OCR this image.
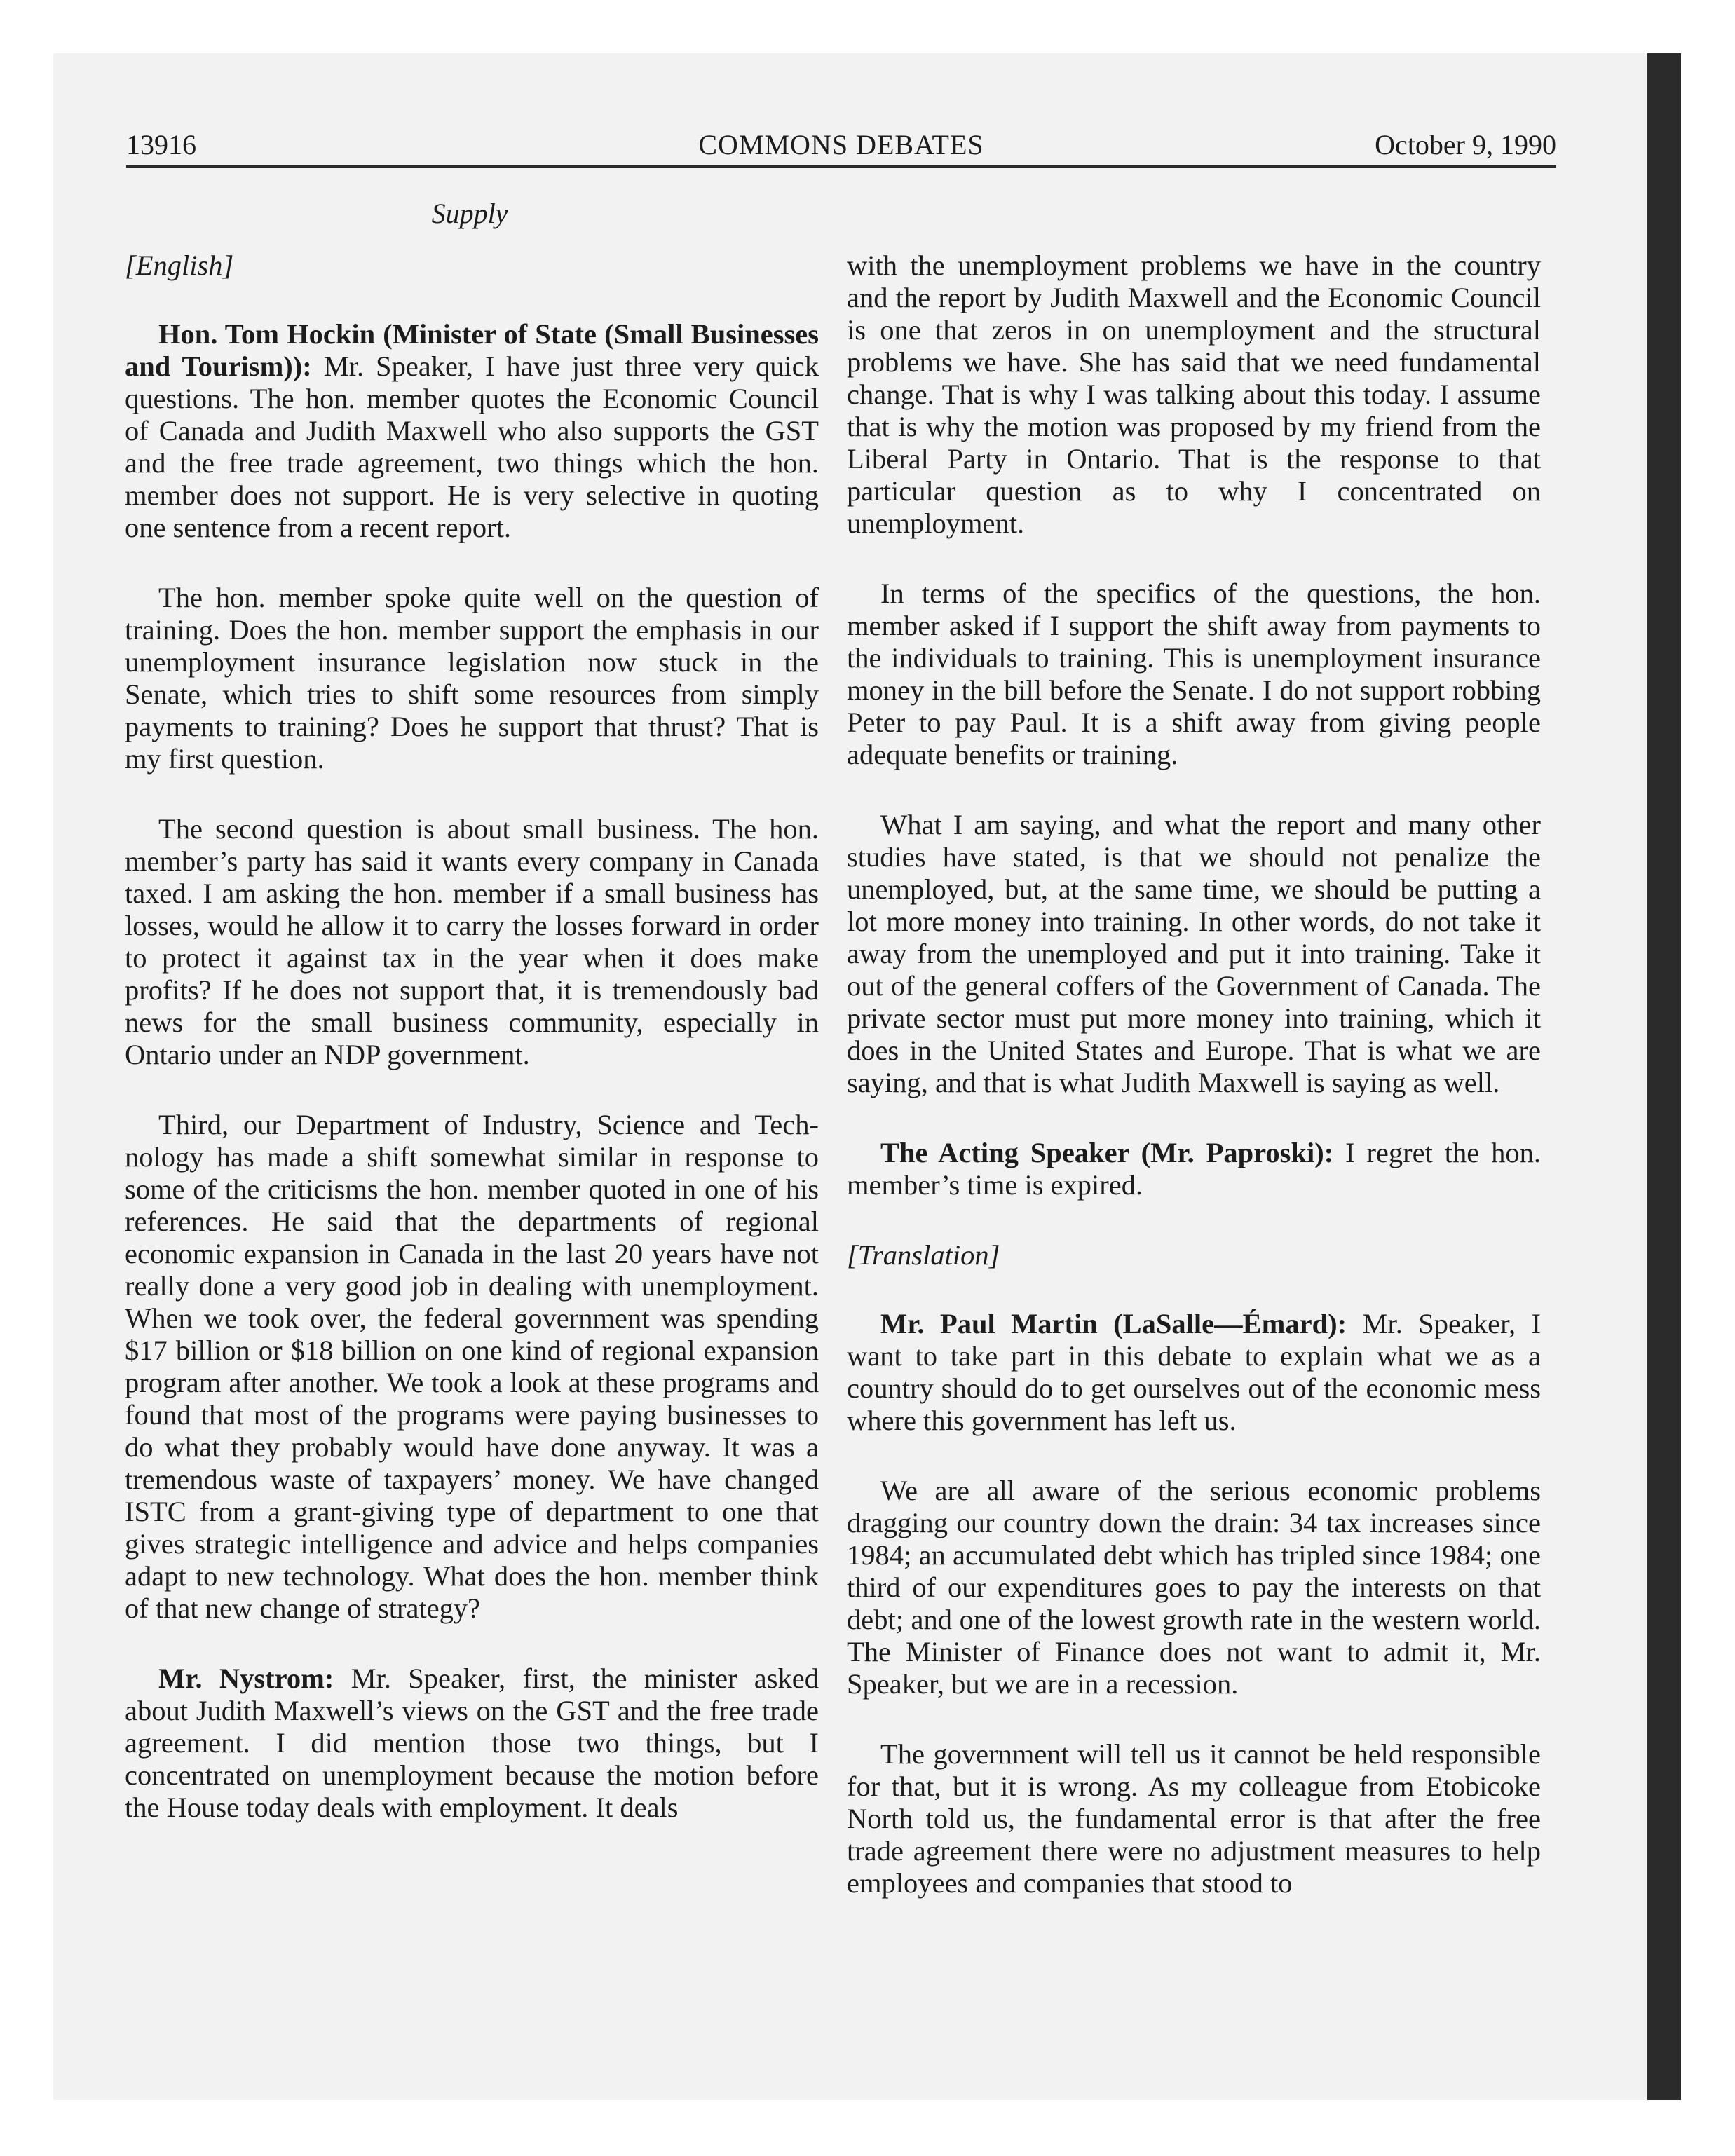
13916	COMMONS DEBATES	October 9, 1990
Supply

[English]

Hon. Tom Hockin (Minister of State (Small Businesses and Tourism)): Mr. Speaker, I have just three very quick questions. The hon. member quotes the Economic Council of Canada and Judith Maxwell who also supports the GST and the free trade agreement, two things which the hon. member does not support. He is very selective in quoting one sentence from a recent report.

The hon. member spoke quite well on the question of training. Does the hon. member support the emphasis in our unemployment insurance legislation now stuck in the Senate, which tries to shift some resources from simply payments to training? Does he support that thrust? That is my first question.

The second question is about small business. The hon. member’s party has said it wants every company in Canada taxed. I am asking the hon. member if a small business has losses, would he allow it to carry the losses forward in order to protect it against tax in the year when it does make profits? If he does not support that, it is tremendously bad news for the small business community, especially in Ontario under an NDP government.

Third, our Department of Industry, Science and Technology has made a shift somewhat similar in response to some of the criticisms the hon. member quoted in one of his references. He said that the departments of regional economic expansion in Canada in the last 20 years have not really done a very good job in dealing with unemployment. When we took over, the federal government was spending $17 billion or $18 billion on one kind of regional expansion program after another. We took a look at these programs and found that most of the programs were paying businesses to do what they probably would have done anyway. It was a tremendous waste of taxpayers’ money. We have changed ISTC from a grant-giving type of department to one that gives strategic intelligence and advice and helps companies adapt to new technology. What does the hon. member think of that new change of strategy?

Mr. Nystrom: Mr. Speaker, first, the minister asked about Judith Maxwell’s views on the GST and the free trade agreement. I did mention those two things, but I concentrated on unemployment because the motion before the House today deals with employment. It deals

with the unemployment problems we have in the country and the report by Judith Maxwell and the Economic Council is one that zeros in on unemployment and the structural problems we have. She has said that we need fundamental change. That is why I was talking about this today. I assume that is why the motion was proposed by my friend from the Liberal Party in Ontario. That is the response to that particular question as to why I concentrated on unemployment.

In terms of the specifics of the questions, the hon. member asked if I support the shift away from payments to the individuals to training. This is unemployment insurance money in the bill before the Senate. I do not support robbing Peter to pay Paul. It is a shift away from giving people adequate benefits or training.

What I am saying, and what the report and many other studies have stated, is that we should not penalize the unemployed, but, at the same time, we should be putting a lot more money into training. In other words, do not take it away from the unemployed and put it into training. Take it out of the general coffers of the Government of Canada. The private sector must put more money into training, which it does in the United States and Europe. That is what we are saying, and that is what Judith Maxwell is saying as well.

The Acting Speaker (Mr. Paproski): I regret the hon. member’s time is expired.

[Translation]

Mr. Paul Martin (LaSalle—Émard): Mr. Speaker, I want to take part in this debate to explain what we as a country should do to get ourselves out of the economic mess where this government has left us.

We are all aware of the serious economic problems dragging our country down the drain: 34 tax increases since 1984; an accumulated debt which has tripled since 1984; one third of our expenditures goes to pay the interests on that debt; and one of the lowest growth rate in the western world. The Minister of Finance does not want to admit it, Mr. Speaker, but we are in a recession.

The government will tell us it cannot be held responsible for that, but it is wrong. As my colleague from Etobicoke North told us, the fundamental error is that after the free trade agreement there were no adjustment measures to help employees and companies that stood to
